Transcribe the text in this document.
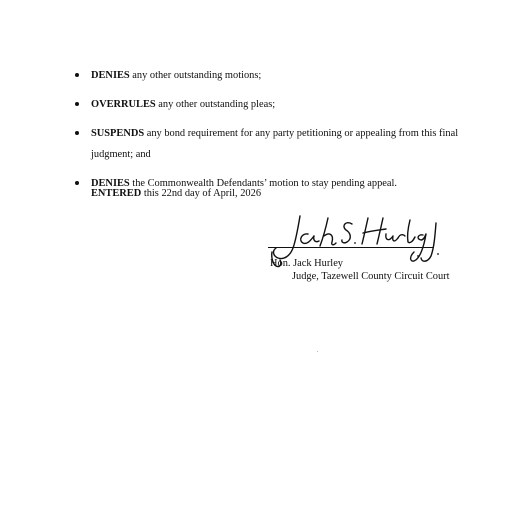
DENIES any other outstanding motions;
OVERRULES any other outstanding pleas;
SUSPENDS any bond requirement for any party petitioning or appealing from this final judgment; and
DENIES the Commonwealth Defendants’ motion to stay pending appeal.
ENTERED this 22nd day of April, 2026
Hon. Jack Hurley
Judge, Tazewell County Circuit Court
